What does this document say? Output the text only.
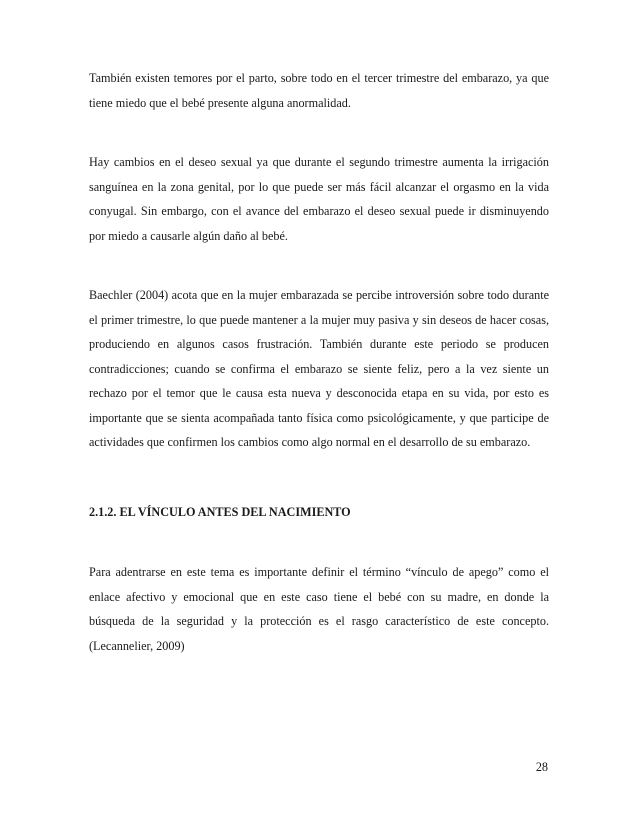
También existen temores por el parto, sobre todo en el tercer trimestre del embarazo, ya que tiene miedo que el bebé presente alguna anormalidad.

Hay cambios en el deseo sexual ya que durante el segundo trimestre aumenta la irrigación sanguínea en la zona genital, por lo que puede ser más fácil alcanzar el orgasmo en la vida conyugal. Sin embargo, con el avance del embarazo el deseo sexual puede ir disminuyendo por miedo a causarle algún daño al bebé.

Baechler (2004) acota que en la mujer embarazada se percibe introversión sobre todo durante el primer trimestre, lo que puede mantener a la mujer muy pasiva y sin deseos de hacer cosas, produciendo en algunos casos frustración. También durante este periodo se producen contradicciones; cuando se confirma el embarazo se siente feliz, pero a la vez siente un rechazo por el temor que le causa esta nueva y desconocida etapa en su vida, por esto es importante que se sienta acompañada tanto física como psicológicamente, y que participe de actividades que confirmen los cambios como algo normal en el desarrollo de su embarazo.

2.1.2. EL VÍNCULO ANTES DEL NACIMIENTO

Para adentrarse en este tema es importante definir el término “vínculo de apego” como el enlace afectivo y emocional que en este caso tiene el bebé con su madre, en donde la búsqueda de la seguridad y la protección es el rasgo característico de este concepto. (Lecannelier, 2009)

28
